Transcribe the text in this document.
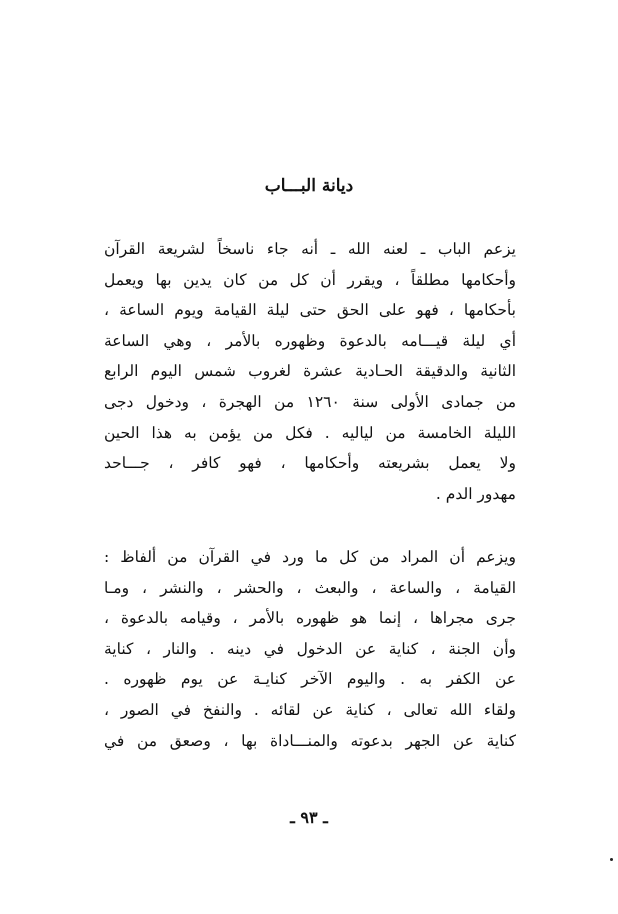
ديانة البـــاب
يزعم الباب ـ لعنه الله ـ أنه جاء ناسخاً لشريعة القرآن
وأحكامها مطلقاً ، ويقرر أن كل من كان يدين بها ويعمل
بأحكامها ، فهو على الحق حتى ليلة القيامة ويوم الساعة ،
أي ليلة قيـــامه بالدعوة وظهوره بالأمر ، وهي الساعة
الثانية والدقيقة الحـادية عشرة لغروب شمس اليوم الرابع
من جمادى الأولى سنة ١٢٦٠ من الهجرة ، ودخول دجى
الليلة الخامسة من لياليه . فكل من يؤمن به هذا الحين
ولا يعمل بشريعته وأحكامها ، فهو كافر ، جـــاحد
مهدور الدم .
ويزعم أن المراد من كل ما ورد في القرآن من ألفاظ :
القيامة ، والساعة ، والبعث ، والحشر ، والنشر ، ومـا
جرى مجراها ، إنما هو ظهوره بالأمر ، وقيامه بالدعوة ،
وأن الجنة ، كناية عن الدخول في دينه . والنار ، كناية
عن الكفر به . واليوم الآخر كنايـة عن يوم ظهوره .
ولقاء الله تعالى ، كناية عن لقائه . والنفخ في الصور ،
كناية عن الجهر بدعوته والمنـــاداة بها ، وصعق من في
ـ ٩٣ ـ
